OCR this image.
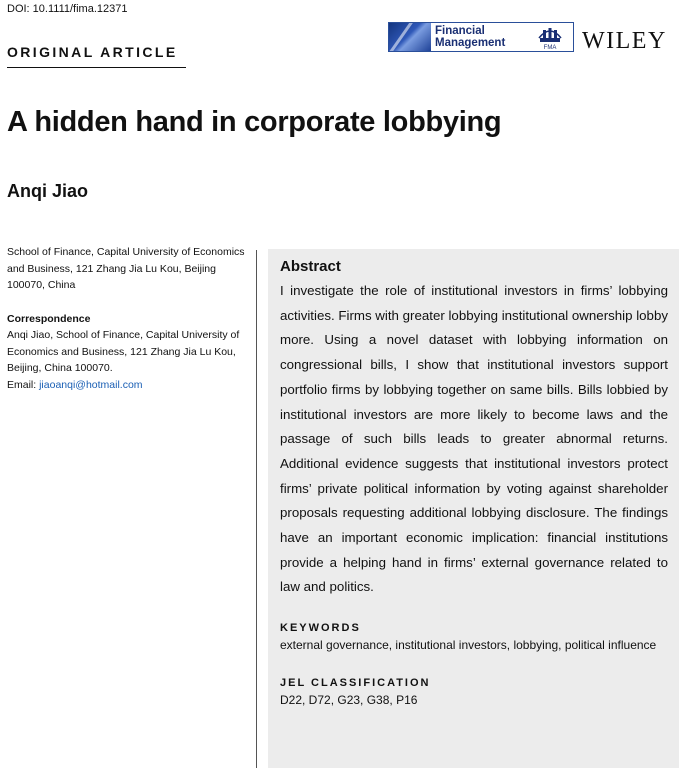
DOI: 10.1111/fima.12371
ORIGINAL ARTICLE
Financial
Management	FMA WILEY
A hidden hand in corporate lobbying
Anqi Jiao
School of Finance, Capital University of Economics and Business, 121 Zhang Jia Lu Kou, Beijing 100070, China
Correspondence
Anqi Jiao, School of Finance, Capital University of Economics and Business, 121 Zhang Jia Lu Kou, Beijing, China 100070.
Email: jiaoanqi@hotmail.com
Abstract

I investigate the role of institutional investors in firms’ lobbying activities. Firms with greater lobbying institutional ownership lobby more. Using a novel dataset with lobbying information on congressional bills, I show that institutional investors support portfolio firms by lobbying together on same bills. Bills lobbied by institutional investors are more likely to become laws and the passage of such bills leads to greater abnormal returns. Additional evidence suggests that institutional investors protect firms’ private political information by voting against shareholder proposals requesting additional lobbying disclosure. The findings have an important economic implication: financial institutions provide a helping hand in firms’ external governance related to law and politics.

KEYWORDS
external governance, institutional investors, lobbying, political influence
JEL CLASSIFICATION
D22, D72, G23, G38, P16
